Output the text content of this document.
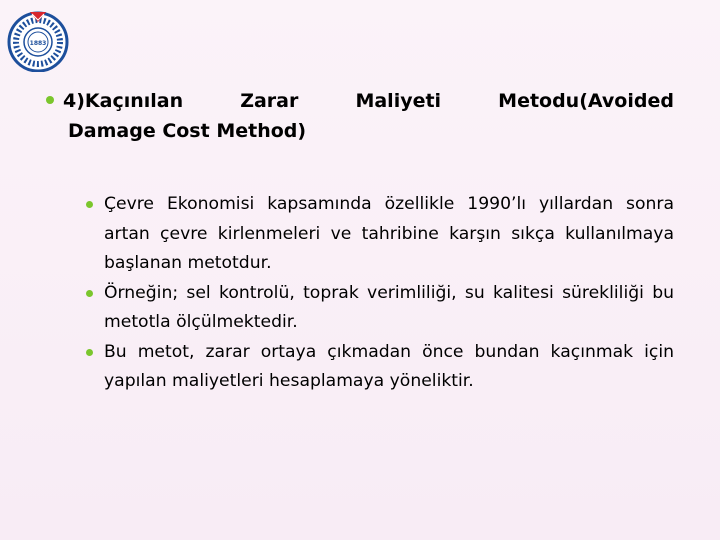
1883
4)Kaçınılan	Zarar	Maliyeti	Metodu(Avoided
Damage Cost Method)
Çevre Ekonomisi kapsamında özellikle 1990’lı yıllardan sonra artan çevre kirlenmeleri ve tahribine karşın sıkça kullanılmaya başlanan metotdur.
Örneğin; sel kontrolü, toprak verimliliği, su kalitesi sürekliliği bu metotla ölçülmektedir.
Bu metot, zarar ortaya çıkmadan önce bundan kaçınmak için yapılan maliyetleri hesaplamaya yöneliktir.
